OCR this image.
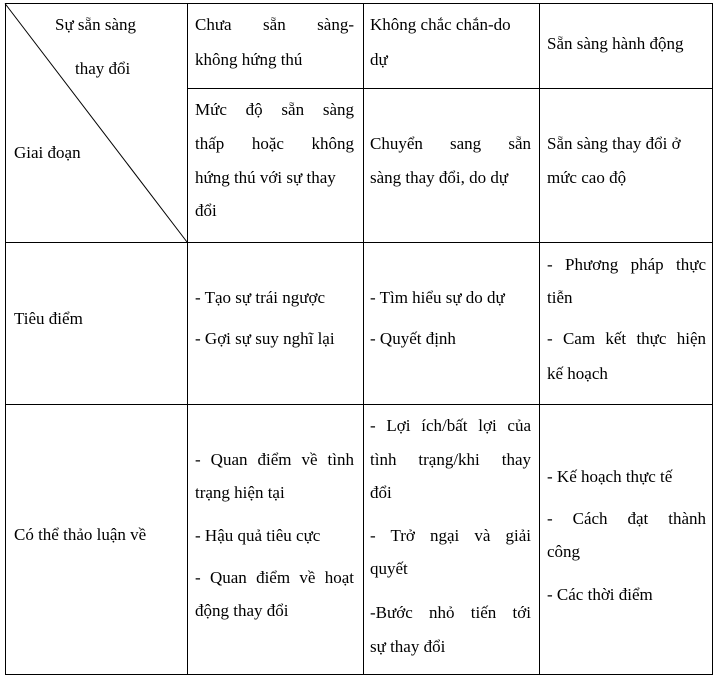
Sự sẵn sàng
thay đổi
Giai đoạn
Chưa sẵn sàng-
không hứng thú
Không chắc chắn-do
dự
Sẵn sàng hành động
Mức độ sẵn sàng
thấp hoặc không
hứng thú với sự thay
đổi
Chuyển sang sẵn
sàng thay đổi, do dự
Sẵn sàng thay đổi ở
mức cao độ
Tiêu điểm
- Tạo sự trái ngược
- Gợi sự suy nghĩ lại
- Tìm hiểu sự do dự
- Quyết định
- Phương pháp thực
tiễn
- Cam kết thực hiện
kế hoạch
Có thể thảo luận về
- Quan điểm về tình
trạng hiện tại
- Hậu quả tiêu cực
- Quan điểm về hoạt
động thay đổi
- Lợi ích/bất lợi của
tình trạng/khi thay
đổi
- Trở ngại và giải
quyết
-Bước nhỏ tiến tới
sự thay đổi
- Kế hoạch thực tế
- Cách đạt thành
công
- Các thời điểm
